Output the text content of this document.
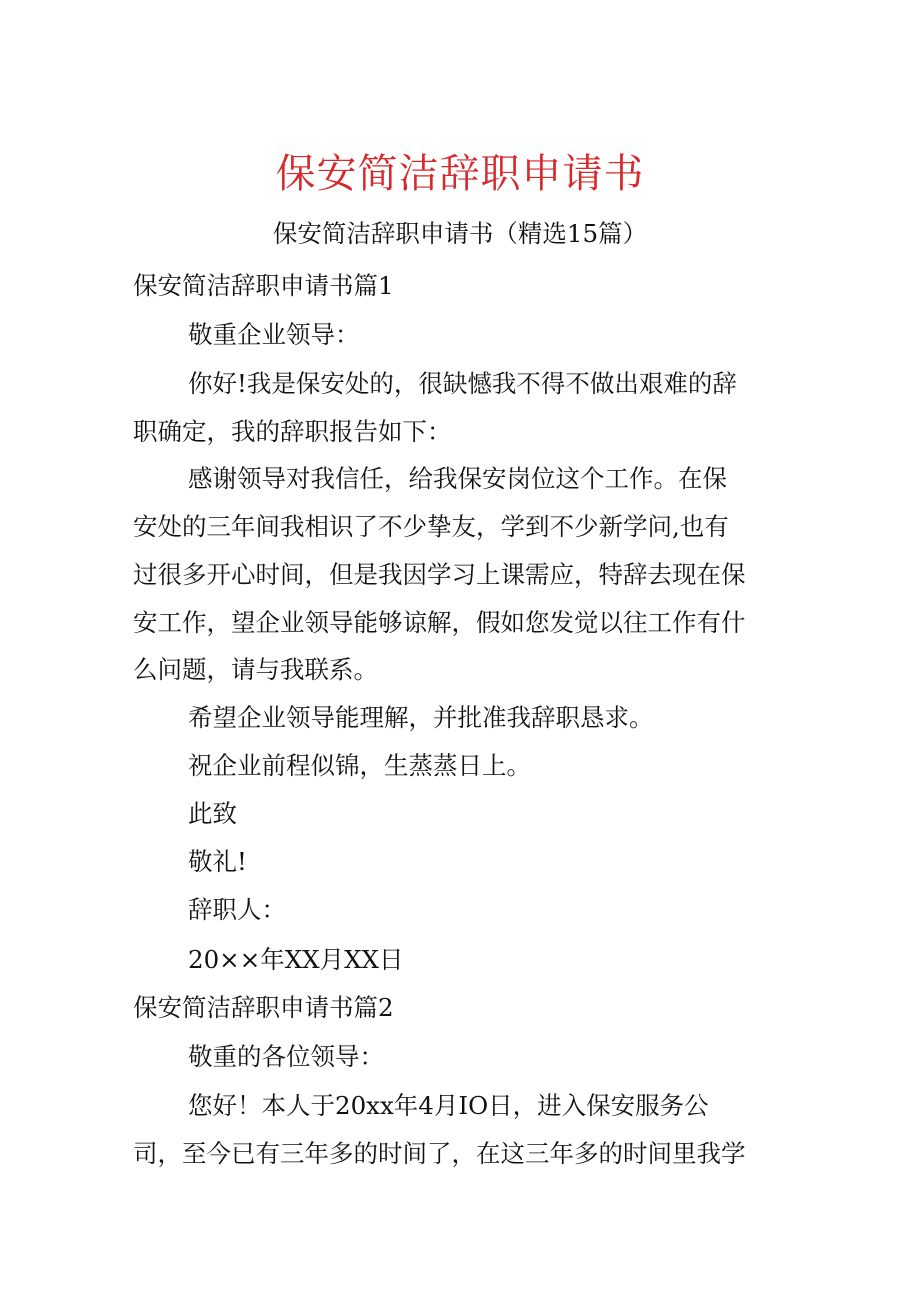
保安简洁辞职申请书
保安简洁辞职申请书（精选15篇）
保安简洁辞职申请书篇1
敬重企业领导：
你好!我是保安处的，很缺憾我不得不做出艰难的辞
职确定，我的辞职报告如下：
感谢领导对我信任，给我保安岗位这个工作。在保
安处的三年间我相识了不少挚友，学到不少新学问,也有
过很多开心时间，但是我因学习上课需应，特辞去现在保
安工作，望企业领导能够谅解，假如您发觉以往工作有什
么问题，请与我联系。
希望企业领导能理解，并批准我辞职恳求。
祝企业前程似锦，生蒸蒸日上。
此致
敬礼!
辞职人：
20××年XX月XX日
保安简洁辞职申请书篇2
敬重的各位领导：
您好！本人于20xx年4月IO日，进入保安服务公
司，至今已有三年多的时间了，在这三年多的时间里我学
